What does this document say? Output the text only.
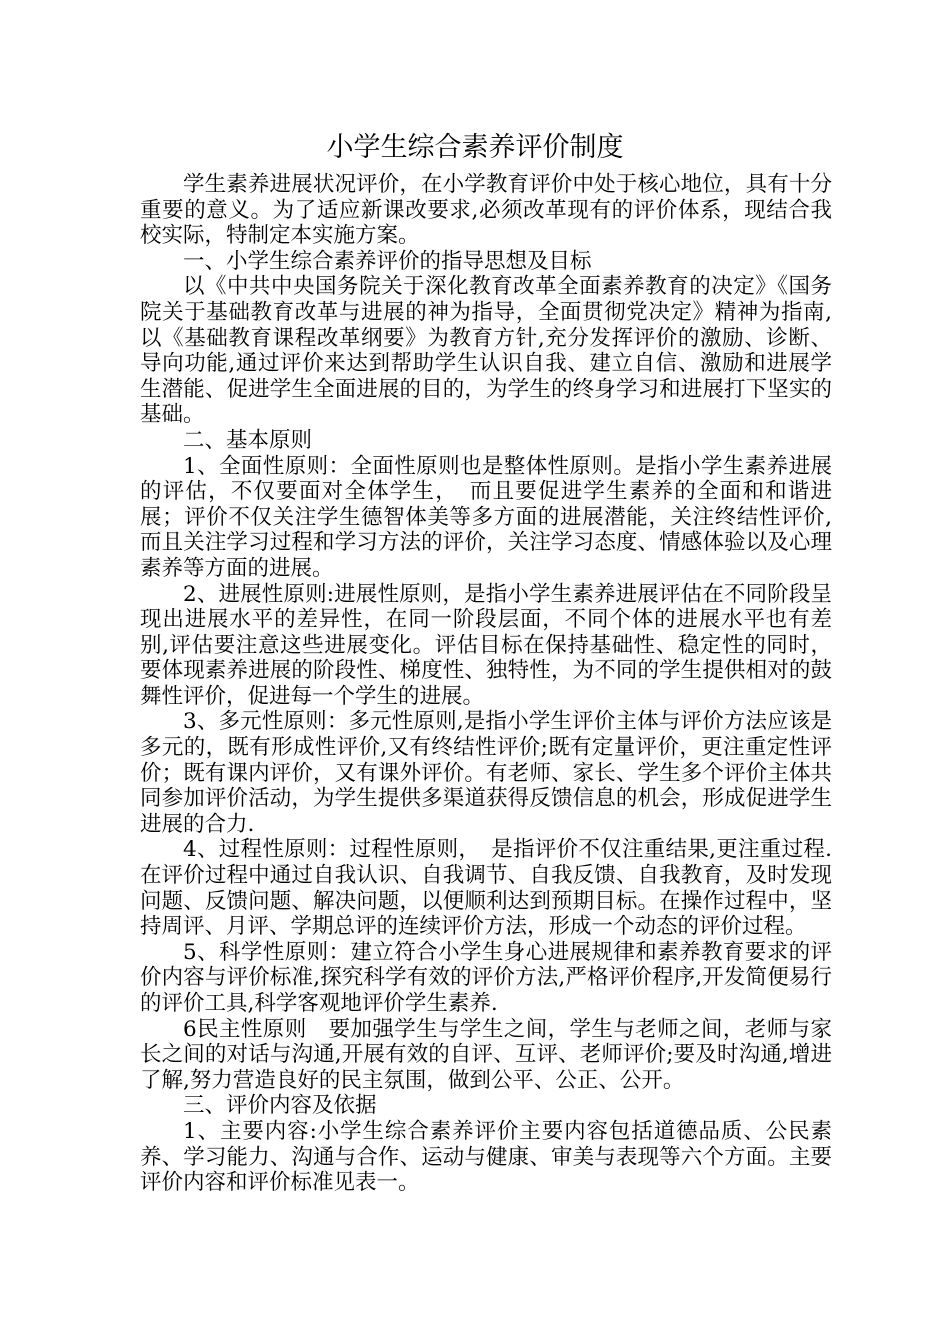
小学生综合素养评价制度

学生素养进展状况评价，在小学教育评价中处于核心地位，具有十分重要的意义。为了适应新课改要求,必须改革现有的评价体系，现结合我校实际，特制定本实施方案。

一、小学生综合素养评价的指导思想及目标

以《中共中央国务院关于深化教育改革全面素养教育的决定》《国务院关于基础教育改革与进展的神为指导，全面贯彻党决定》精神为指南,以《基础教育课程改革纲要》为教育方针,充分发挥评价的激励、诊断、导向功能,通过评价来达到帮助学生认识自我、建立自信、激励和进展学生潜能、促进学生全面进展的目的，为学生的终身学习和进展打下坚实的基础。

二、基本原则

1、全面性原则：全面性原则也是整体性原则。是指小学生素养进展的评估，不仅要面对全体学生，　而且要促进学生素养的全面和和谐进展；评价不仅关注学生德智体美等多方面的进展潜能，关注终结性评价,而且关注学习过程和学习方法的评价，关注学习态度、情感体验以及心理素养等方面的进展。

2、进展性原则:进展性原则，是指小学生素养进展评估在不同阶段呈现出进展水平的差异性，在同一阶段层面，不同个体的进展水平也有差别,评估要注意这些进展变化。评估目标在保持基础性、稳定性的同时，要体现素养进展的阶段性、梯度性、独特性，为不同的学生提供相对的鼓舞性评价，促进每一个学生的进展。

3、多元性原则：多元性原则,是指小学生评价主体与评价方法应该是多元的，既有形成性评价,又有终结性评价;既有定量评价，更注重定性评价；既有课内评价，又有课外评价。有老师、家长、学生多个评价主体共同参加评价活动，为学生提供多渠道获得反馈信息的机会，形成促进学生进展的合力.

4、过程性原则：过程性原则，　是指评价不仅注重结果,更注重过程.在评价过程中通过自我认识、自我调节、自我反馈、自我教育，及时发现问题、反馈问题、解决问题，以便顺利达到预期目标。在操作过程中，坚持周评、月评、学期总评的连续评价方法，形成一个动态的评价过程。

5、科学性原则：建立符合小学生身心进展规律和素养教育要求的评价内容与评价标准,探究科学有效的评价方法,严格评价程序,开发简便易行的评价工具,科学客观地评价学生素养.

6民主性原则　要加强学生与学生之间，学生与老师之间，老师与家长之间的对话与沟通,开展有效的自评、互评、老师评价;要及时沟通,增进了解,努力营造良好的民主氛围，做到公平、公正、公开。

三、评价内容及依据

1、主要内容:小学生综合素养评价主要内容包括道德品质、公民素养、学习能力、沟通与合作、运动与健康、审美与表现等六个方面。主要评价内容和评价标准见表一。
